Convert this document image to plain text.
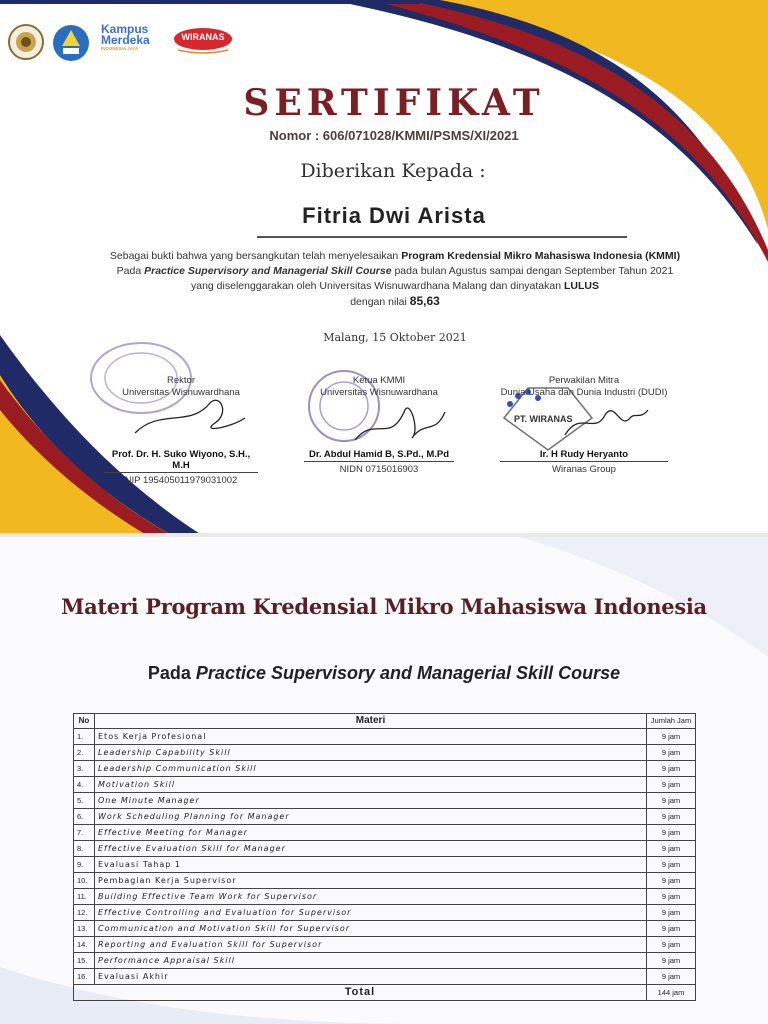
Kampus
Merdeka
INDONESIA JAYA
WIRANAS
SERTIFIKAT
Nomor : 606/071028/KMMI/PSMS/XI/2021
Diberikan Kepada :
Fitria Dwi Arista
Sebagai bukti bahwa yang bersangkutan telah menyelesaikan Program Kredensial Mikro Mahasiswa Indonesia (KMMI)
Pada Practice Supervisory and Managerial Skill Course pada bulan Agustus sampai dengan September Tahun 2021
yang diselenggarakan oleh Universitas Wisnuwardhana Malang dan dinyatakan LULUS
dengan nilai 85,63
Malang, 15 Oktober 2021
PT. WIRANAS
Rektor
Universitas Wisnuwardhana
Prof. Dr. H. Suko Wiyono, S.H., M.H
NIP 195405011979031002
Ketua KMMI
Universitas Wisnuwardhana
Dr. Abdul Hamid B, S.Pd., M.Pd
NIDN 0715016903
Perwakilan Mitra
Dunia Usaha dan Dunia Industri (DUDI)
Ir. H Rudy Heryanto
Wiranas Group
Materi Program Kredensial Mikro Mahasiswa Indonesia
Pada Practice Supervisory and Managerial Skill Course
No	Materi	Jumlah Jam
1.	Etos Kerja Profesional	9 jam
2.	Leadership Capability Skill	9 jam
3.	Leadership Communication Skill	9 jam
4.	Motivation Skill	9 jam
5.	One Minute Manager	9 jam
6.	Work Scheduling Planning for Manager	9 jam
7.	Effective Meeting for Manager	9 jam
8.	Effective Evaluation Skill for Manager	9 jam
9.	Evaluasi Tahap 1	9 jam
10.	Pembagian Kerja Supervisor	9 jam
11.	Building Effective Team Work for Supervisor	9 jam
12.	Effective Controlling and Evaluation for Supervisor	9 jam
13.	Communication and Motivation Skill for Supervisor	9 jam
14.	Reporting and Evaluation Skill for Supervisor	9 jam
15.	Performance Appraisal Skill	9 jam
16.	Evaluasi Akhir	9 jam
Total		144 jam
